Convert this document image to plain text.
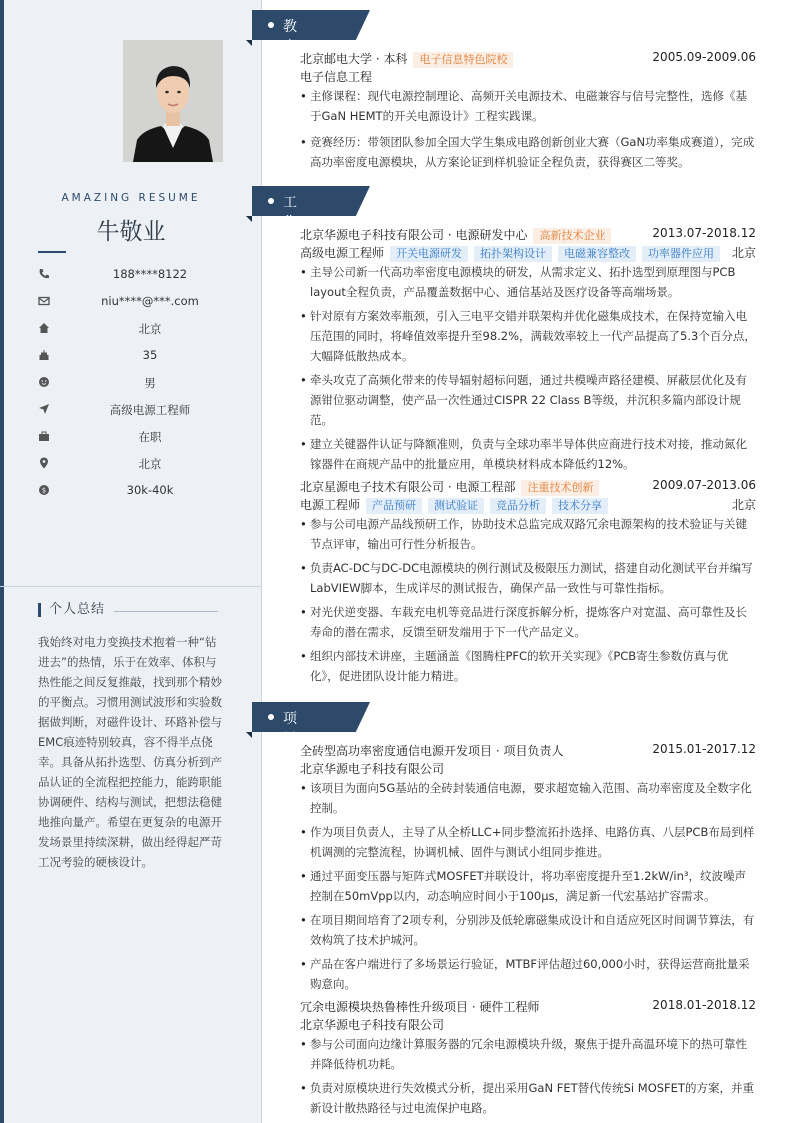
AMAZING RESUME
牛敬业
188****8122
niu****@***.com
北京
35
男
高级电源工程师
在职
北京
$	30k-40k
个人总结
我始终对电力变换技术抱着一种“钻进去”的热情，乐于在效率、体积与热性能之间反复推敲，找到那个精妙的平衡点。习惯用测试波形和实验数据做判断，对磁件设计、环路补偿与EMC痕迹特别较真，容不得半点侥幸。具备从拓扑选型、仿真分析到产品认证的全流程把控能力，能跨职能协调硬件、结构与测试，把想法稳健地推向量产。希望在更复杂的电源开发场景里持续深耕，做出经得起严苛工况考验的硬核设计。
教育经历
北京邮电大学 · 本科 电子信息特色院校	2005.09-2009.06
电子信息工程

• 主修课程：现代电源控制理论、高频开关电源技术、电磁兼容与信号完整性，选修《基于GaN HEMT的开关电源设计》工程实践课。

• 竞赛经历：带领团队参加全国大学生集成电路创新创业大赛（GaN功率集成赛道），完成高功率密度电源模块，从方案论证到样机验证全程负责，获得赛区二等奖。

工作经历
北京华源电子科技有限公司 · 电源研发中心 高新技术企业	2013.07-2018.12
高级电源工程师 开关电源研发 拓扑架构设计 电磁兼容整改 功率器件应用 北京

• 主导公司新一代高功率密度电源模块的研发，从需求定义、拓扑选型到原理图与PCB layout全程负责，产品覆盖数据中心、通信基站及医疗设备等高端场景。

• 针对原有方案效率瓶颈，引入三电平交错并联架构并优化磁集成技术，在保持宽输入电压范围的同时，将峰值效率提升至98.2%，满载效率较上一代产品提高了5.3个百分点，大幅降低散热成本。

• 牵头攻克了高频化带来的传导辐射超标问题，通过共模噪声路径建模、屏蔽层优化及有源钳位驱动调整，使产品一次性通过CISPR 22 Class B等级，并沉积多篇内部设计规范。

• 建立关键器件认证与降额准则，负责与全球功率半导体供应商进行技术对接，推动氮化镓器件在商规产品中的批量应用，单模块材料成本降低约12%。

北京星源电子技术有限公司 · 电源工程部 注重技术创新	2009.07-2013.06
电源工程师 产品预研 测试验证 竞品分析 技术分享	北京

• 参与公司电源产品线预研工作，协助技术总监完成双路冗余电源架构的技术验证与关键节点评审，输出可行性分析报告。

• 负责AC-DC与DC-DC电源模块的例行测试及极限压力测试，搭建自动化测试平台并编写LabVIEW脚本，生成详尽的测试报告，确保产品一致性与可靠性指标。

• 对光伏逆变器、车载充电机等竞品进行深度拆解分析，提炼客户对宽温、高可靠性及长寿命的潜在需求，反馈至研发端用于下一代产品定义。

• 组织内部技术讲座，主题涵盖《图腾柱PFC的软开关实现》《PCB寄生参数仿真与优化》，促进团队设计能力精进。

项目经历
全砖型高功率密度通信电源开发项目 · 项目负责人	2015.01-2017.12
北京华源电子科技有限公司

• 该项目为面向5G基站的全砖封装通信电源，要求超宽输入范围、高功率密度及全数字化控制。

• 作为项目负责人，主导了从全桥LLC+同步整流拓扑选择、电路仿真、八层PCB布局到样机调测的完整流程，协调机械、固件与测试小组同步推进。

• 通过平面变压器与矩阵式MOSFET并联设计，将功率密度提升至1.2kW/in³，纹波噪声控制在50mVpp以内，动态响应时间小于100μs，满足新一代宏基站扩容需求。

• 在项目期间培育了2项专利，分别涉及低轮廓磁集成设计和自适应死区时间调节算法，有效构筑了技术护城河。

• 产品在客户端进行了多场景运行验证，MTBF评估超过60,000小时，获得运营商批量采购意向。

冗余电源模块热鲁棒性升级项目 · 硬件工程师	2018.01-2018.12
北京华源电子科技有限公司

• 参与公司面向边缘计算服务器的冗余电源模块升级，聚焦于提升高温环境下的热可靠性并降低待机功耗。

• 负责对原模块进行失效模式分析，提出采用GaN FET替代传统Si MOSFET的方案，并重新设计散热路径与过电流保护电路。
